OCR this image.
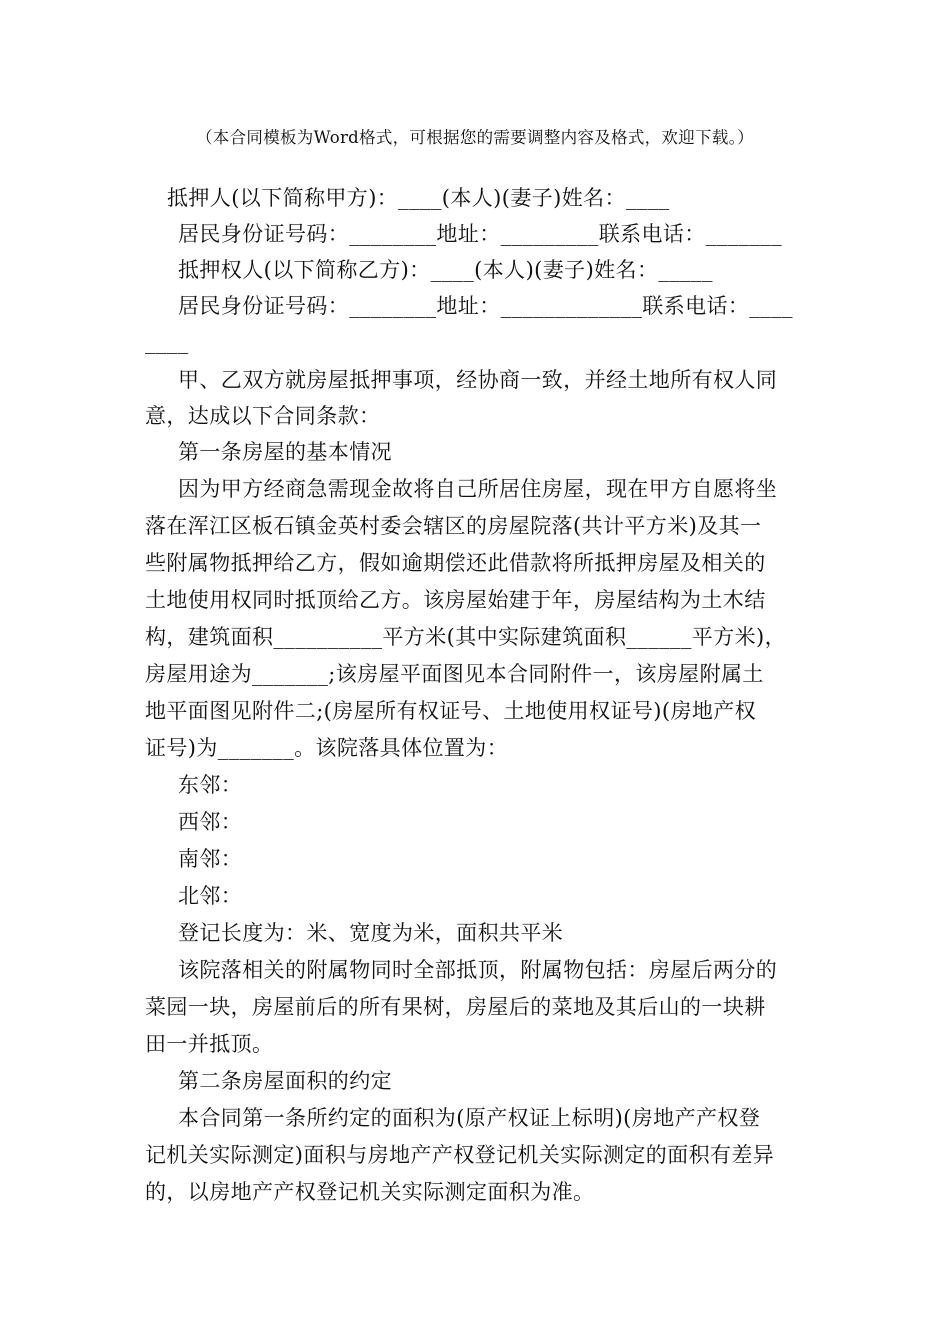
（本合同模板为Word格式，可根据您的需要调整内容及格式，欢迎下载。）
抵押人(以下简称甲方)：____(本人)(妻子)姓名：____
居民身份证号码：________地址：_________联系电话：_______
抵押权人(以下简称乙方)：____(本人)(妻子)姓名：_____
居民身份证号码：________地址：_____________联系电话：____
____
甲、乙双方就房屋抵押事项，经协商一致，并经土地所有权人同
意，达成以下合同条款：
第一条房屋的基本情况
因为甲方经商急需现金故将自己所居住房屋，现在甲方自愿将坐
落在浑江区板石镇金英村委会辖区的房屋院落(共计平方米)及其一
些附属物抵押给乙方，假如逾期偿还此借款将所抵押房屋及相关的
土地使用权同时抵顶给乙方。该房屋始建于年，房屋结构为土木结
构，建筑面积__________平方米(其中实际建筑面积______平方米)，
房屋用途为_______;该房屋平面图见本合同附件一，该房屋附属土
地平面图见附件二;(房屋所有权证号、土地使用权证号)(房地产权
证号)为_______。该院落具体位置为：
东邻：
西邻：
南邻：
北邻：
登记长度为：米、宽度为米，面积共平米
该院落相关的附属物同时全部抵顶，附属物包括：房屋后两分的
菜园一块，房屋前后的所有果树，房屋后的菜地及其后山的一块耕
田一并抵顶。
第二条房屋面积的约定
本合同第一条所约定的面积为(原产权证上标明)(房地产产权登
记机关实际测定)面积与房地产产权登记机关实际测定的面积有差异
的，以房地产产权登记机关实际测定面积为准。
